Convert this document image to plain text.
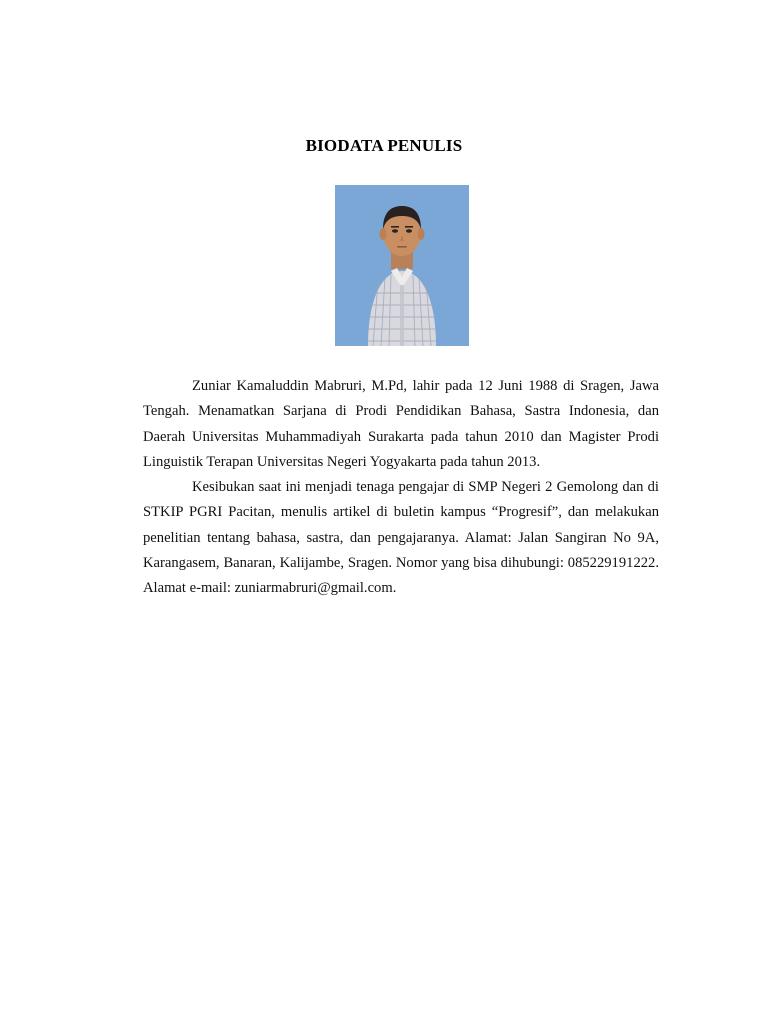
BIODATA PENULIS

Zuniar Kamaluddin Mabruri, M.Pd, lahir pada 12 Juni 1988 di Sragen, Jawa Tengah. Menamatkan Sarjana di Prodi Pendidikan Bahasa, Sastra Indonesia, dan Daerah Universitas Muhammadiyah Surakarta pada tahun 2010 dan Magister Prodi Linguistik Terapan Universitas Negeri Yogyakarta pada tahun 2013.

Kesibukan saat ini menjadi tenaga pengajar di SMP Negeri 2 Gemolong dan di STKIP PGRI Pacitan, menulis artikel di buletin kampus “Progresif”, dan melakukan penelitian tentang bahasa, sastra, dan pengajaranya. Alamat: Jalan Sangiran No 9A, Karangasem, Banaran, Kalijambe, Sragen. Nomor yang bisa dihubungi: 085229191222. Alamat e-mail: zuniarmabruri@gmail.com.
